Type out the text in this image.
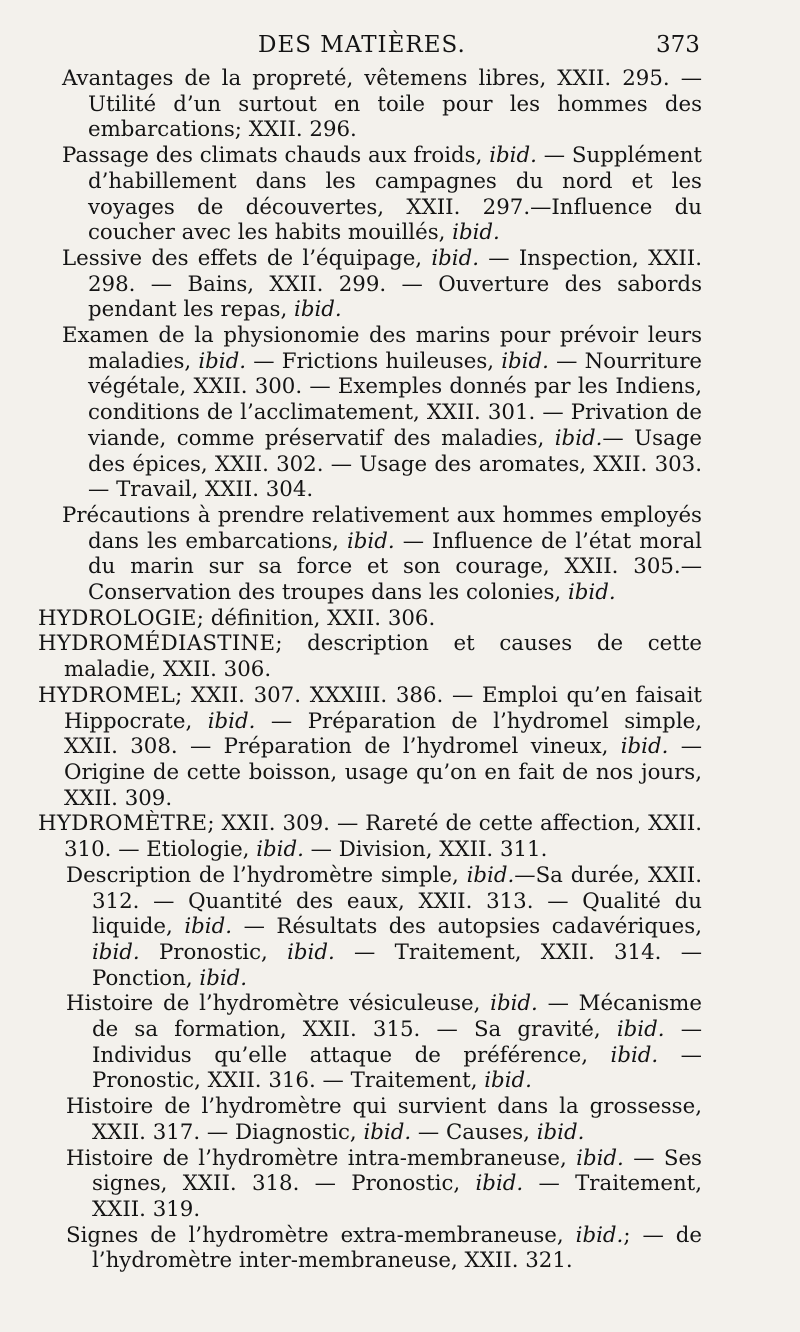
DES MATIÈRES.	373
Avantages de la propreté, vêtemens libres, XXII. 295. — Utilité d’un surtout en toile pour les hommes des embarcations; XXII. 296.
Passage des climats chauds aux froids, ibid. — Supplément d’habillement dans les campagnes du nord et les voyages de découvertes, XXII. 297.—Influence du coucher avec les habits mouillés, ibid.
Lessive des effets de l’équipage, ibid. — Inspection, XXII. 298. — Bains, XXII. 299. — Ouverture des sabords pendant les repas, ibid.
Examen de la physionomie des marins pour prévoir leurs maladies, ibid. — Frictions huileuses, ibid. — Nourriture végétale, XXII. 300. — Exemples donnés par les Indiens, conditions de l’acclimatement, XXII. 301. — Privation de viande, comme préservatif des maladies, ibid.— Usage des épices, XXII. 302. — Usage des aromates, XXII. 303. — Travail, XXII. 304.
Précautions à prendre relativement aux hommes employés dans les embarcations, ibid. — Influence de l’état moral du marin sur sa force et son courage, XXII. 305.— Conservation des troupes dans les colonies, ibid.
HYDROLOGIE; définition, XXII. 306.
HYDROMÉDIASTINE; description et causes de cette maladie, XXII. 306.
HYDROMEL; XXII. 307. XXXIII. 386. — Emploi qu’en faisait Hippocrate, ibid. — Préparation de l’hydromel simple, XXII. 308. — Préparation de l’hydromel vineux, ibid. — Origine de cette boisson, usage qu’on en fait de nos jours, XXII. 309.
HYDROMÈTRE; XXII. 309. — Rareté de cette affection, XXII. 310. — Etiologie, ibid. — Division, XXII. 311.
Description de l’hydromètre simple, ibid.—Sa durée, XXII. 312. — Quantité des eaux, XXII. 313. — Qualité du liquide, ibid. — Résultats des autopsies cadavériques, ibid. Pronostic, ibid. — Traitement, XXII. 314. — Ponction, ibid.
Histoire de l’hydromètre vésiculeuse, ibid. — Mécanisme de sa formation, XXII. 315. — Sa gravité, ibid. — Individus qu’elle attaque de préférence, ibid. — Pronostic, XXII. 316. — Traitement, ibid.
Histoire de l’hydromètre qui survient dans la grossesse, XXII. 317. — Diagnostic, ibid. — Causes, ibid.
Histoire de l’hydromètre intra-membraneuse, ibid. — Ses signes, XXII. 318. — Pronostic, ibid. — Traitement, XXII. 319.
Signes de l’hydromètre extra-membraneuse, ibid.; — de l’hydromètre inter-membraneuse, XXII. 321.
